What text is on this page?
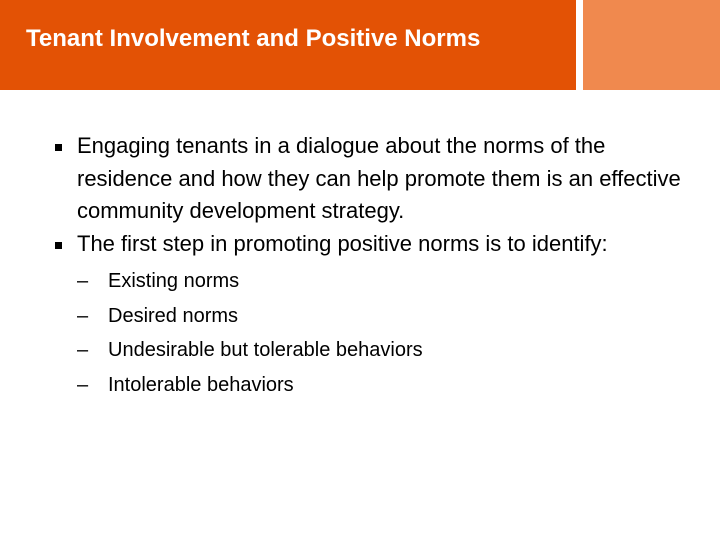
Tenant Involvement and Positive Norms
Engaging tenants in a dialogue about the norms of the residence and how they can help promote them is an effective community development strategy.
The first step in promoting positive norms is to identify:
– Existing norms
– Desired norms
– Undesirable but tolerable behaviors
– Intolerable behaviors
